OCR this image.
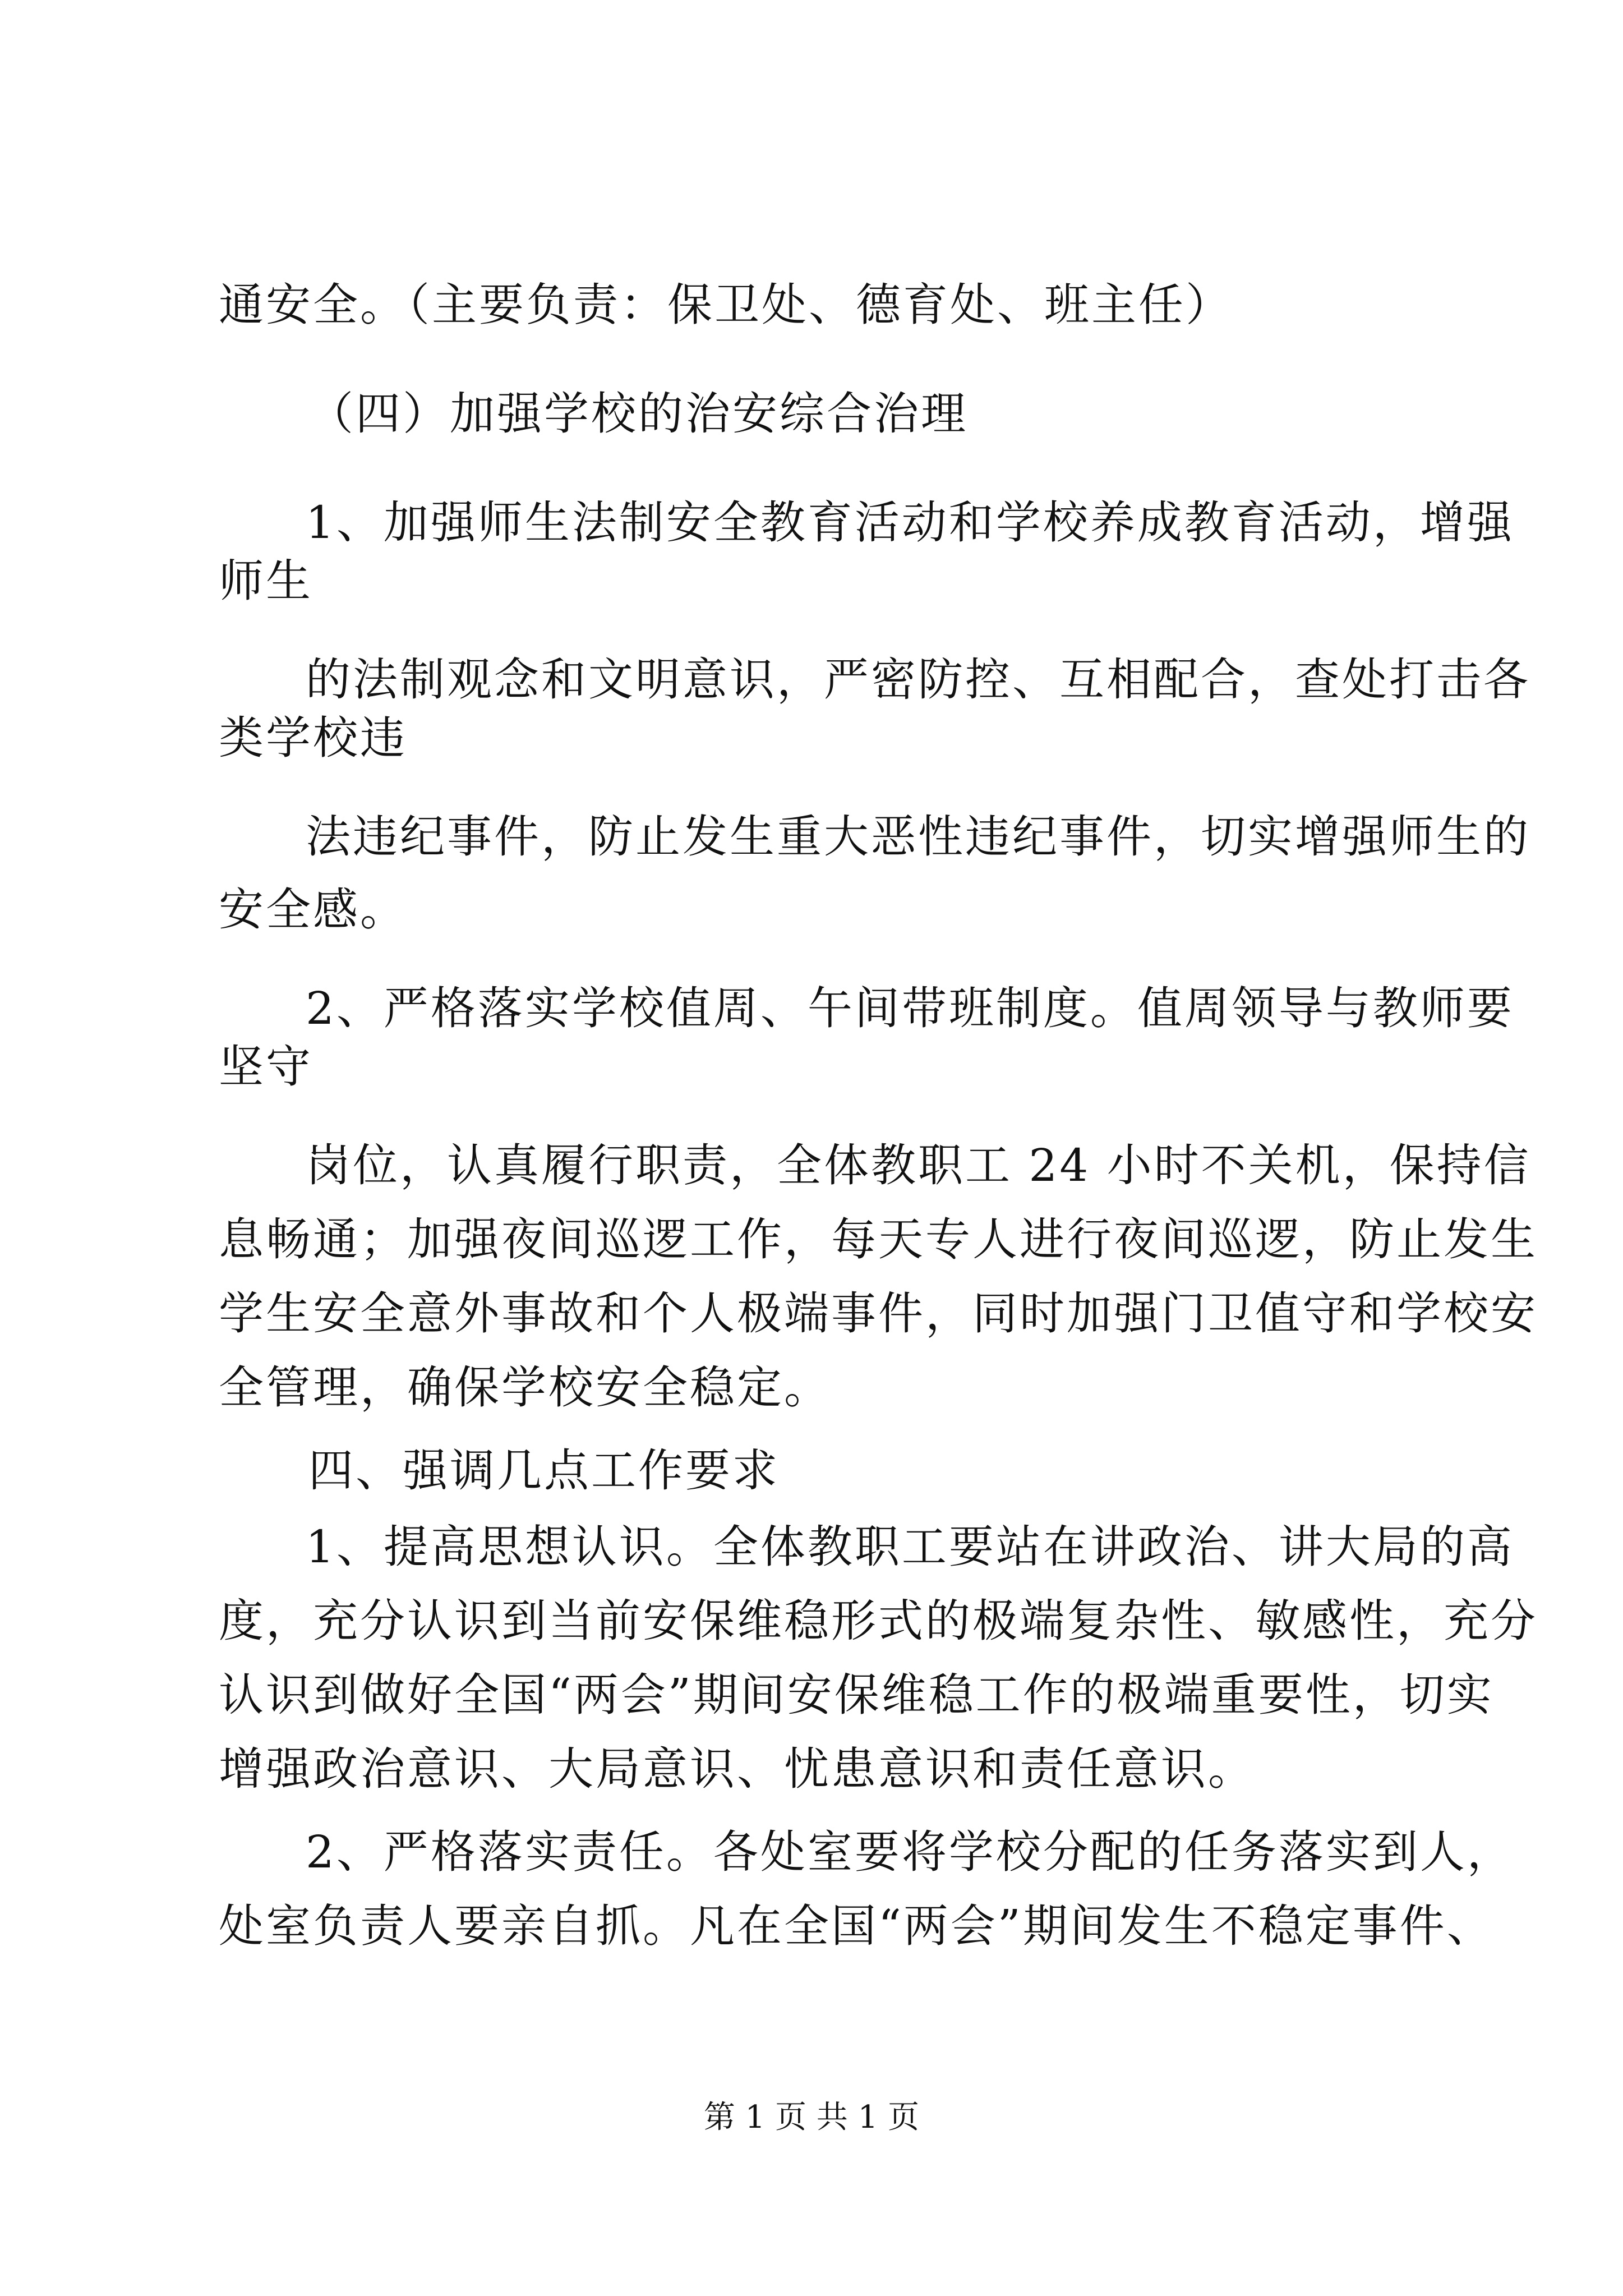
通安全。（主要负责：保卫处、德育处、班主任）
（四）加强学校的治安综合治理
1、加强师生法制安全教育活动和学校养成教育活动，增强
师生
的法制观念和文明意识，严密防控、互相配合，查处打击各
类学校违
法违纪事件，防止发生重大恶性违纪事件，切实增强师生的
安全感。
2、严格落实学校值周、午间带班制度。值周领导与教师要
坚守
岗位，认真履行职责，全体教职工 24 小时不关机，保持信
息畅通；加强夜间巡逻工作，每天专人进行夜间巡逻，防止发生
学生安全意外事故和个人极端事件，同时加强门卫值守和学校安
全管理，确保学校安全稳定。
四、强调几点工作要求
1、提高思想认识。全体教职工要站在讲政治、讲大局的高
度，充分认识到当前安保维稳形式的极端复杂性、敏感性，充分
认识到做好全国“两会”期间安保维稳工作的极端重要性，切实
增强政治意识、大局意识、忧患意识和责任意识。
2、严格落实责任。各处室要将学校分配的任务落实到人，
处室负责人要亲自抓。凡在全国“两会”期间发生不稳定事件、
第 1 页 共 1 页
